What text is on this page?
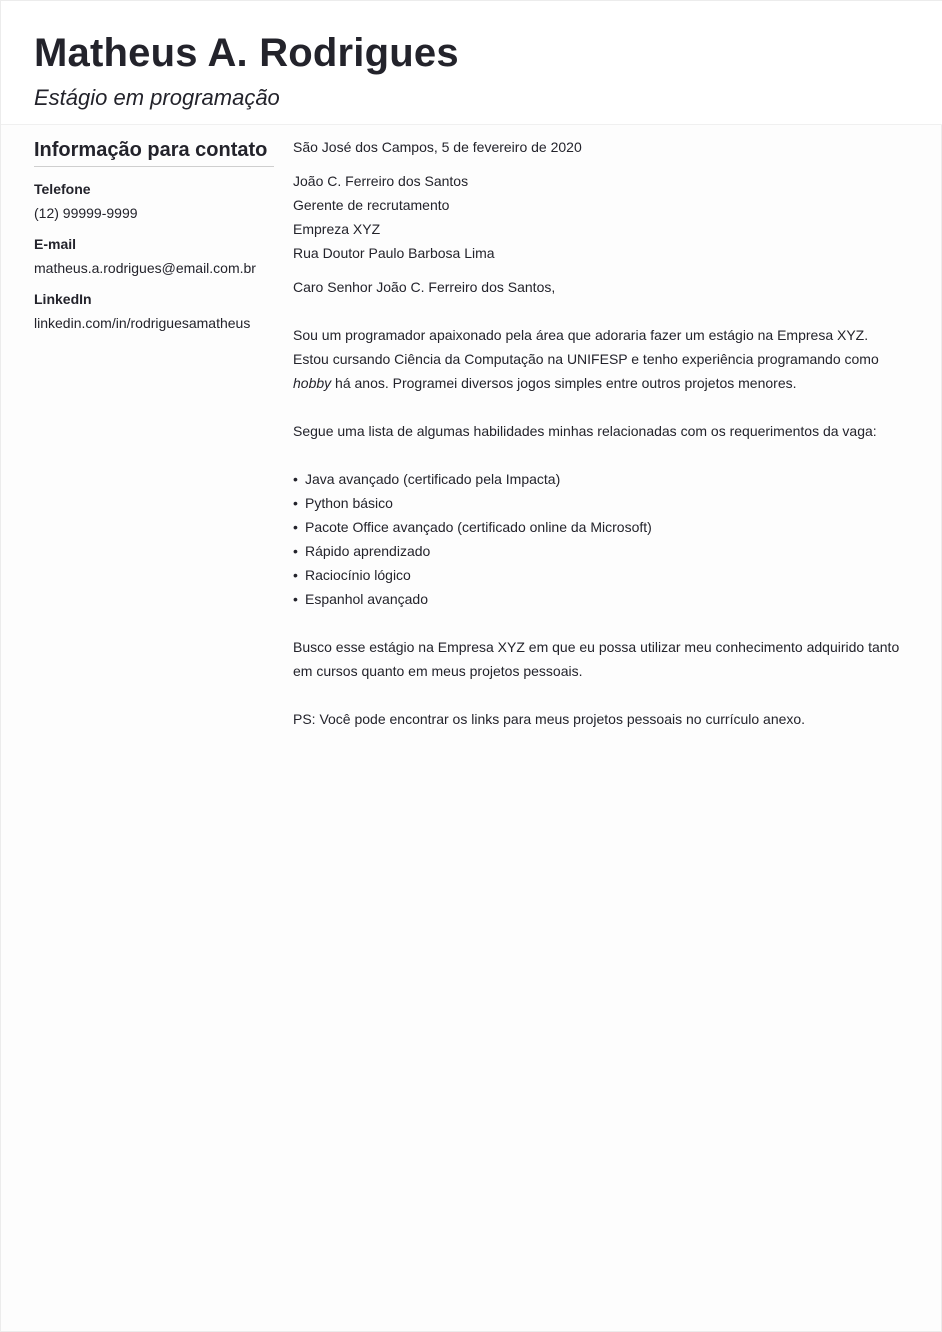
Matheus A. Rodrigues
Estágio em programação
Informação para contato
Telefone
(12) 99999-9999
E-mail
matheus.a.rodrigues@email.com.br
LinkedIn
linkedin.com/in/rodriguesamatheus

São José dos Campos, 5 de fevereiro de 2020

João C. Ferreiro dos Santos

Gerente de recrutamento

Empreza XYZ

Rua Doutor Paulo Barbosa Lima

Caro Senhor João C. Ferreiro dos Santos,

Sou um programador apaixonado pela área que adoraria fazer um estágio na Empresa XYZ. Estou cursando Ciência da Computação na UNIFESP e tenho experiência programando como hobby há anos. Programei diversos jogos simples entre outros projetos menores.

Segue uma lista de algumas habilidades minhas relacionadas com os requerimentos da vaga:

• Java avançado (certificado pela Impacta)
• Python básico
• Pacote Office avançado (certificado online da Microsoft)
• Rápido aprendizado
• Raciocínio lógico
• Espanhol avançado

Busco esse estágio na Empresa XYZ em que eu possa utilizar meu conhecimento adquirido tanto em cursos quanto em meus projetos pessoais.

PS: Você pode encontrar os links para meus projetos pessoais no currículo anexo.
